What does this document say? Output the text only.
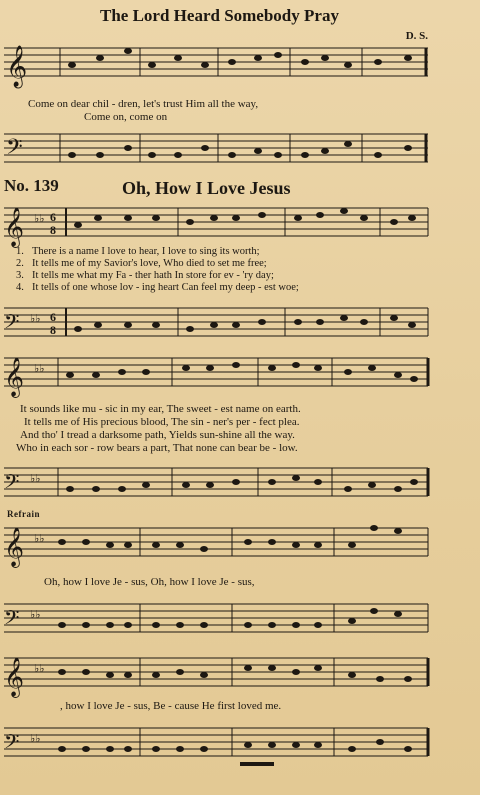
The Lord Heard Somebody Pray
D. S.
𝄞
Come on dear chil - dren, let's trust Him all the way,
Come on, come on
𝄢
No. 139	Oh, How I Love Jesus
𝄞 ♭♭ 6
8
1. There is a name I love to hear, I love to sing its worth;
2. It tells me of my Savior's love, Who died to set me free;
3. It tells me what my Fa - ther hath In store for ev - 'ry day;
4. It tells of one whose lov - ing heart Can feel my deep - est woe;
𝄢 ♭♭ 6
8
𝄞 ♭♭
It sounds like mu - sic in my ear, The sweet - est name on earth.
It tells me of His precious blood, The sin - ner's per - fect plea.
And tho' I tread a darksome path, Yields sun-shine all the way.
Who in each sor - row bears a part, That none can bear be - low.
𝄢 ♭♭
Refrain
𝄞 ♭♭
Oh, how I love Je - sus, Oh, how I love Je - sus,
𝄢 ♭♭
𝄞 ♭♭
, how I love Je - sus, Be - cause He first loved me.
𝄢 ♭♭
